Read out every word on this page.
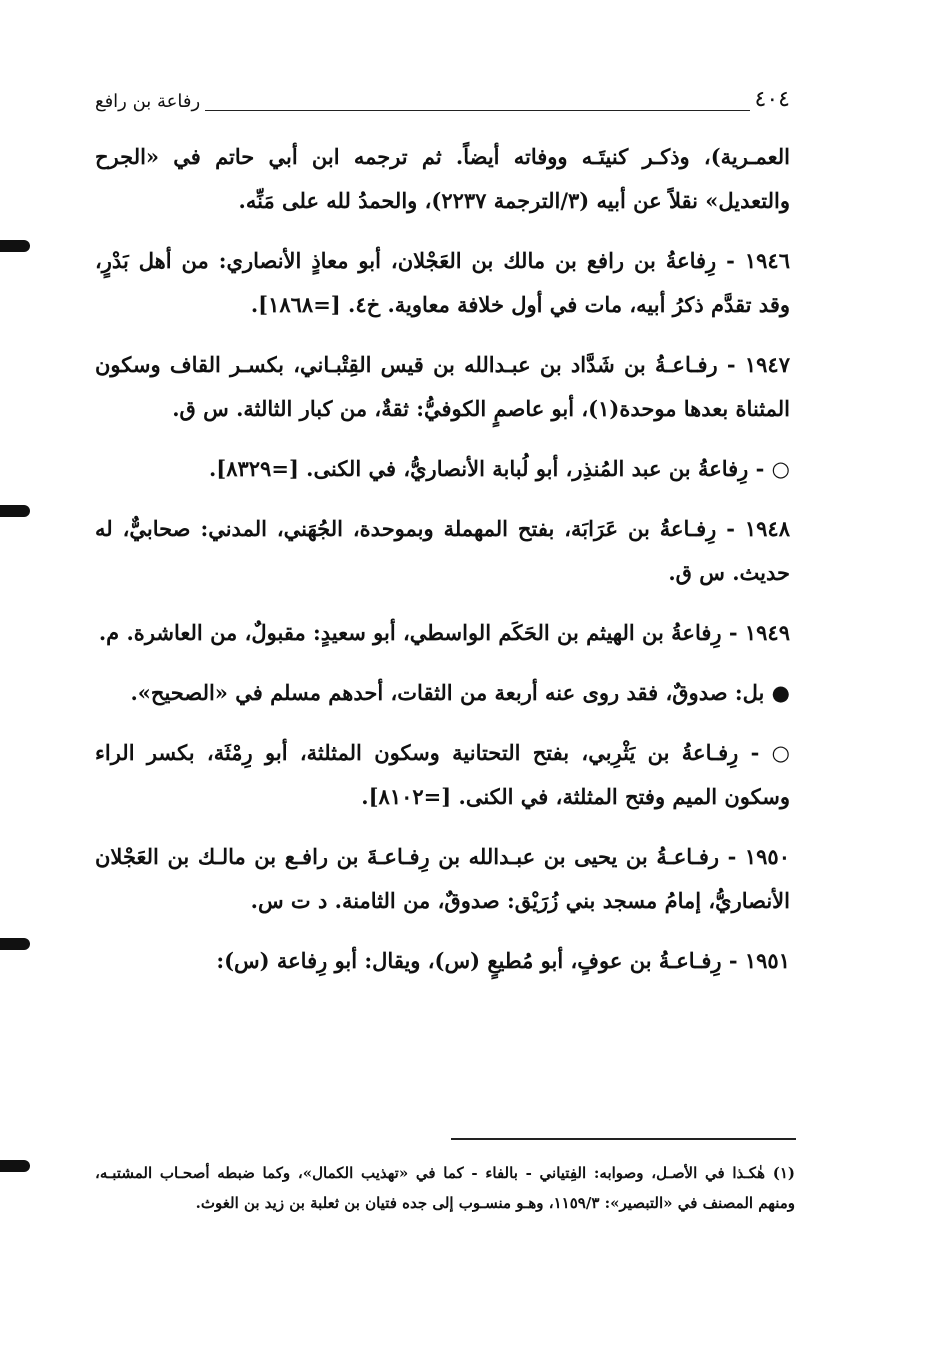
٤٠٤
رفاعة بن رافع

العمـرية)، وذكـر كنيتَـه ووفاته أيضاً. ثم ترجمه ابن أبي حاتم في «الجرح والتعديل» نقلاً عن أبيه (٣/الترجمة ٢٢٣٧)، والحمدُ لله على مَنِّه.

١٩٤٦ - رِفاعةُ بن رافع بن مالك بن العَجْلان، أبو معاذٍ الأنصاري: من أهل بَدْرٍ، وقد تقدَّم ذكرُ أبيه، مات في أول خلافة معاوية. خ٤. [=١٨٦٨].

١٩٤٧ - رفـاعـةُ بن شَدَّاد بن عبـدالله بن قيس القِتْبـاني، بكسـر القاف وسكون المثناة بعدها موحدة(١)، أبو عاصمٍ الكوفيُّ: ثقةٌ، من كبار الثالثة. س ق.

○ - رِفاعةُ بن عبد المُنذِر، أبو لُبابة الأنصاريُّ، في الكنى. [=٨٣٢٩].

١٩٤٨ - رِفـاعةُ بن عَرَابَة، بفتح المهملة وبموحدة، الجُهَني، المدني: صحابيٌّ، له حديث. س ق.

١٩٤٩ - رِفاعةُ بن الهيثم بن الحَكَم الواسطي، أبو سعيدٍ: مقبولٌ، من العاشرة. م.

● بل: صدوقٌ، فقد روى عنه أربعة من الثقات، أحدهم مسلم في «الصحيح».

○ - رِفـاعةُ بن يَثْرِبي، بفتح التحتانية وسكون المثلثة، أبو رِمْثَة، بكسر الراء وسكون الميم وفتح المثلثة، في الكنى. [=٨١٠٢].

١٩٥٠ - رفـاعـةُ بن يحيى بن عبـدالله بن رِفـاعـةَ بن رافـع بن مالـك بن العَجْلان الأنصاريُّ، إمامُ مسجد بني زُرَيْق: صدوقٌ، من الثامنة. د ت س.

١٩٥١ - رِفـاعـةُ بن عوفٍ، أبو مُطيعٍ (س)، ويقال: أبو رِفاعة (س):

(١) هٰكـذا في الأصـل، وصوابه: الفِتياني - بالفاء - كما في «تهذيب الكمال»، وكما ضبطه أصحـاب المشتبـه، ومنهم المصنف في «التبصير»: ١١٥٩/٣، وهـو منسـوب إلى جده فتيان بن ثعلبة بن زيد بن الغوث.
